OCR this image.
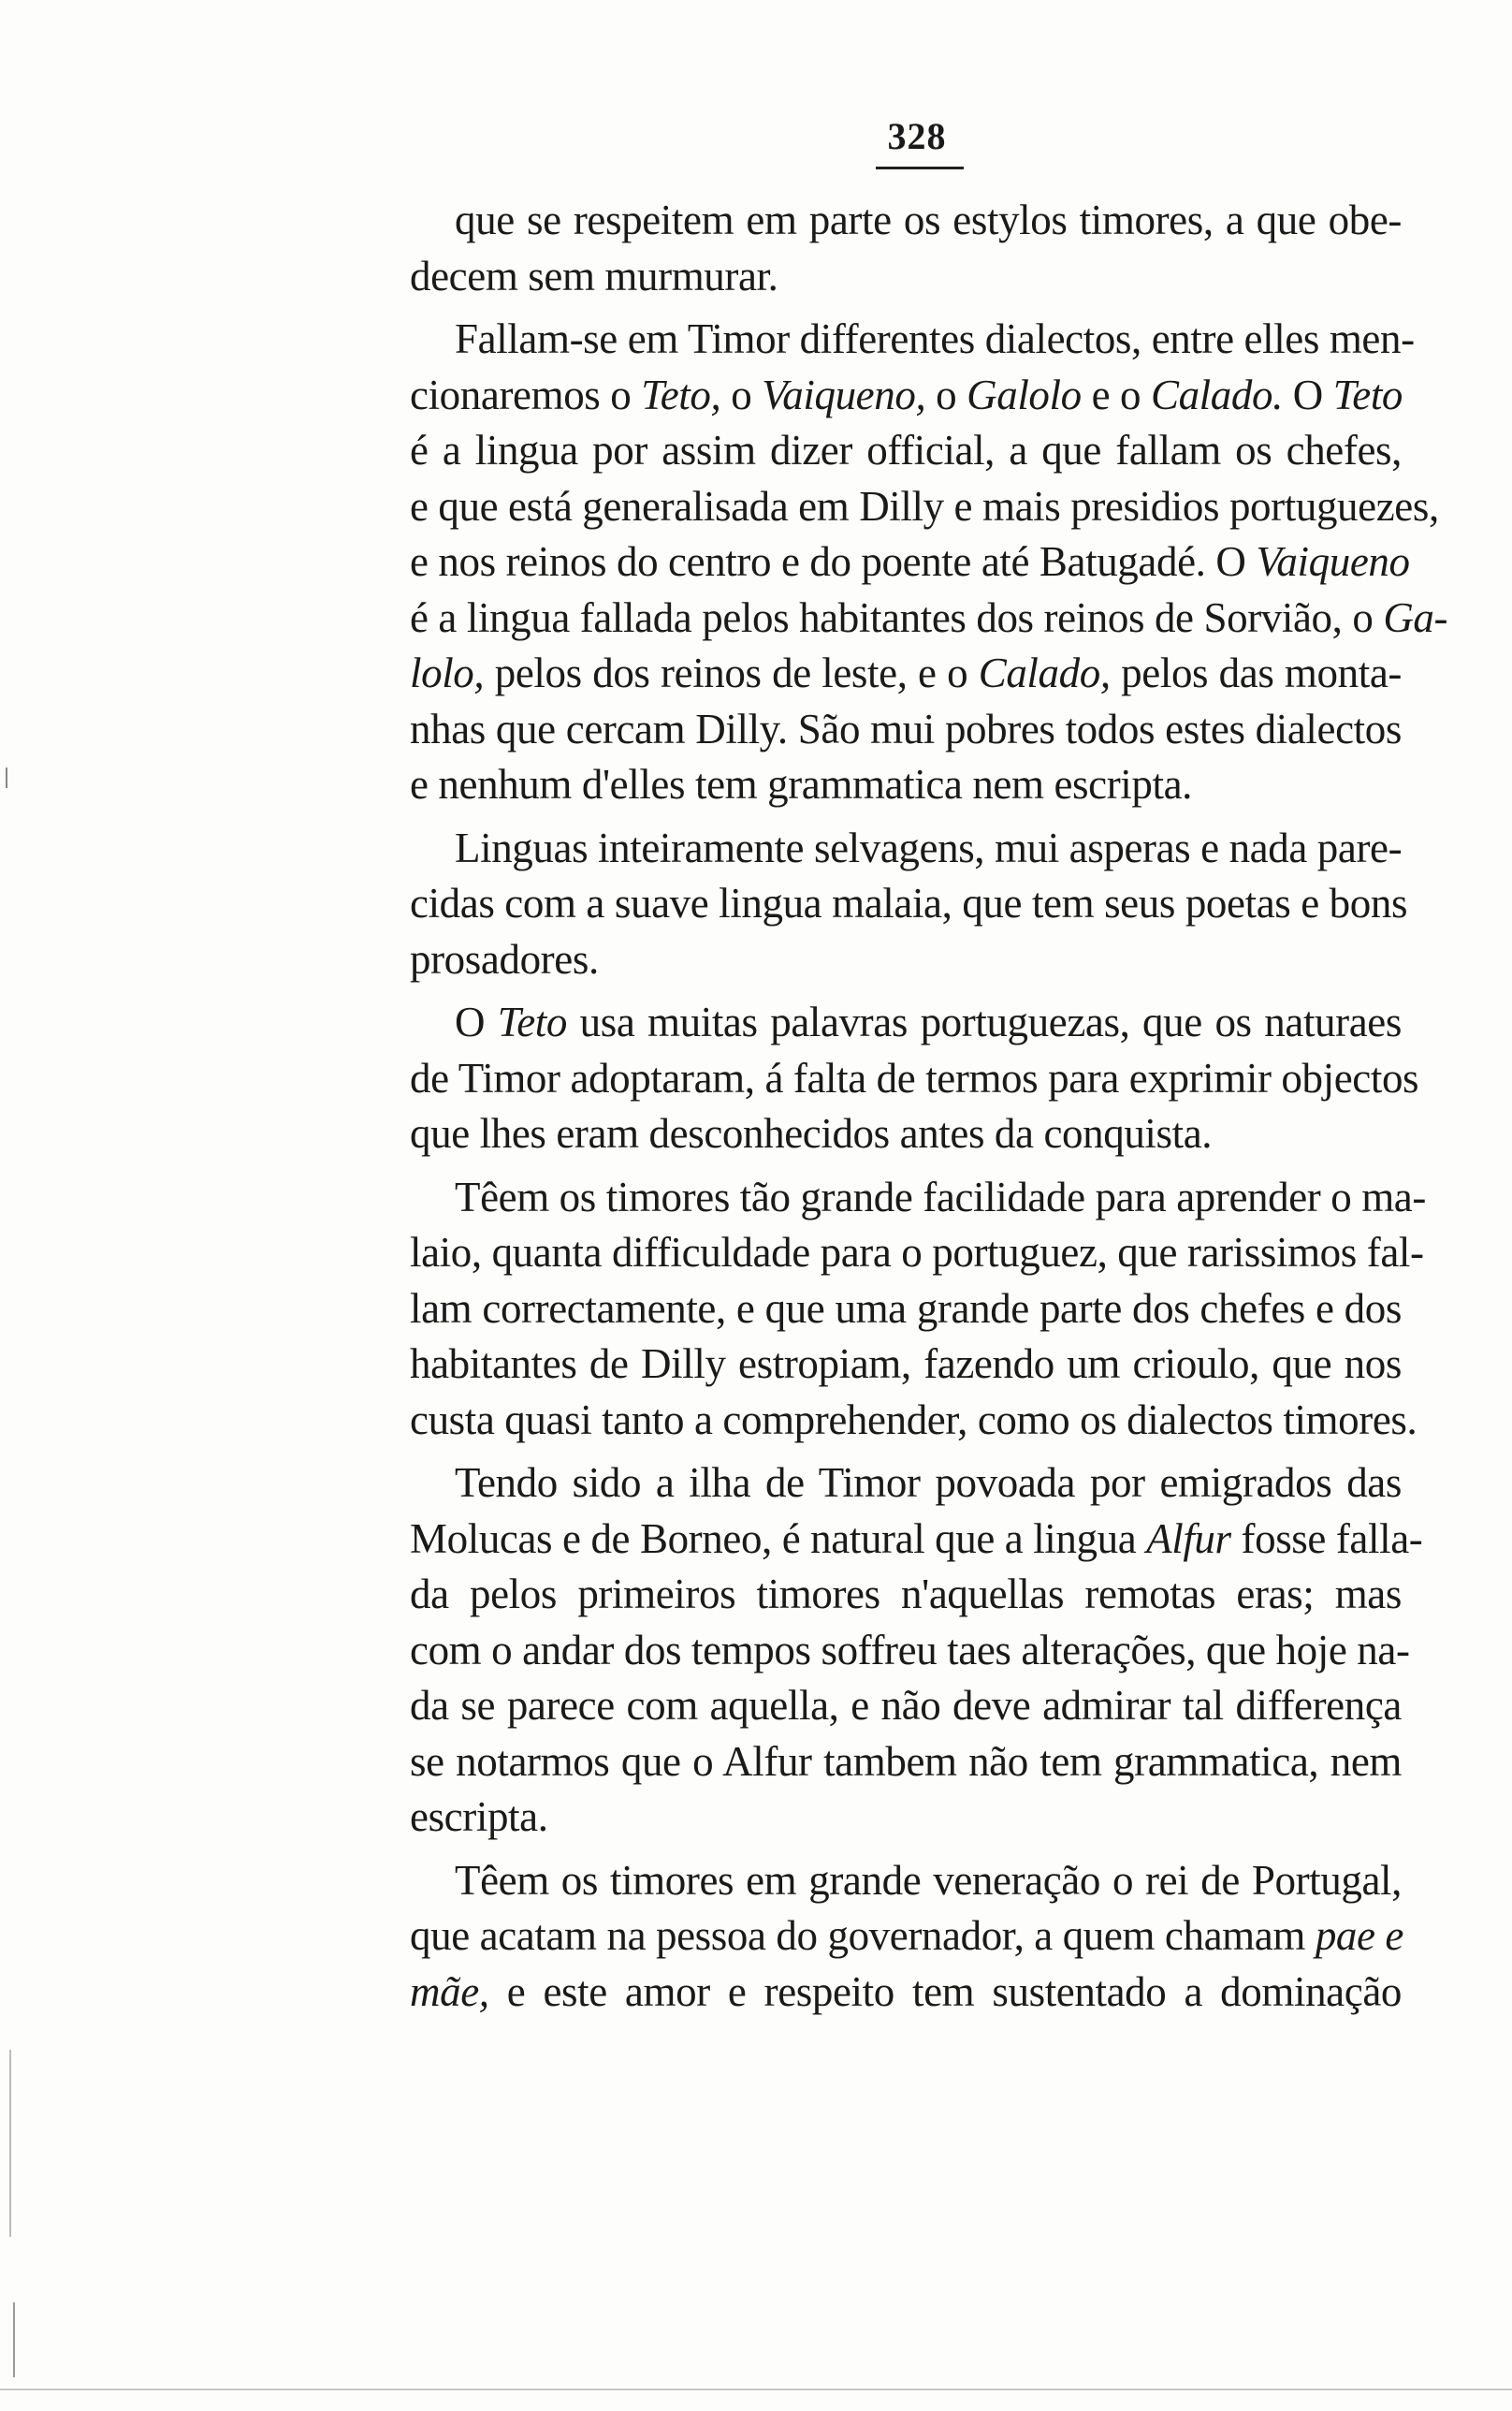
328
que se respeitem em parte os estylos timores, a que obe-
decem sem murmurar.
Fallam-se em Timor differentes dialectos, entre elles men-
cionaremos o Teto, o Vaiqueno, o Galolo e o Calado. O Teto
é a lingua por assim dizer official, a que fallam os chefes,
e que está generalisada em Dilly e mais presidios portuguezes,
e nos reinos do centro e do poente até Batugadé. O Vaiqueno
é a lingua fallada pelos habitantes dos reinos de Sorvião, o Ga-
lolo, pelos dos reinos de leste, e o Calado, pelos das monta-
nhas que cercam Dilly. São mui pobres todos estes dialectos
e nenhum d'elles tem grammatica nem escripta.
Linguas inteiramente selvagens, mui asperas e nada pare-
cidas com a suave lingua malaia, que tem seus poetas e bons
prosadores.
O Teto usa muitas palavras portuguezas, que os naturaes
de Timor adoptaram, á falta de termos para exprimir objectos
que lhes eram desconhecidos antes da conquista.
Têem os timores tão grande facilidade para aprender o ma-
laio, quanta difficuldade para o portuguez, que rarissimos fal-
lam correctamente, e que uma grande parte dos chefes e dos
habitantes de Dilly estropiam, fazendo um crioulo, que nos
custa quasi tanto a comprehender, como os dialectos timores.
Tendo sido a ilha de Timor povoada por emigrados das
Molucas e de Borneo, é natural que a lingua Alfur fosse falla-
da pelos primeiros timores n'aquellas remotas eras; mas
com o andar dos tempos soffreu taes alterações, que hoje na-
da se parece com aquella, e não deve admirar tal differença
se notarmos que o Alfur tambem não tem grammatica, nem
escripta.
Têem os timores em grande veneração o rei de Portugal,
que acatam na pessoa do governador, a quem chamam pae e
mãe, e este amor e respeito tem sustentado a dominação
